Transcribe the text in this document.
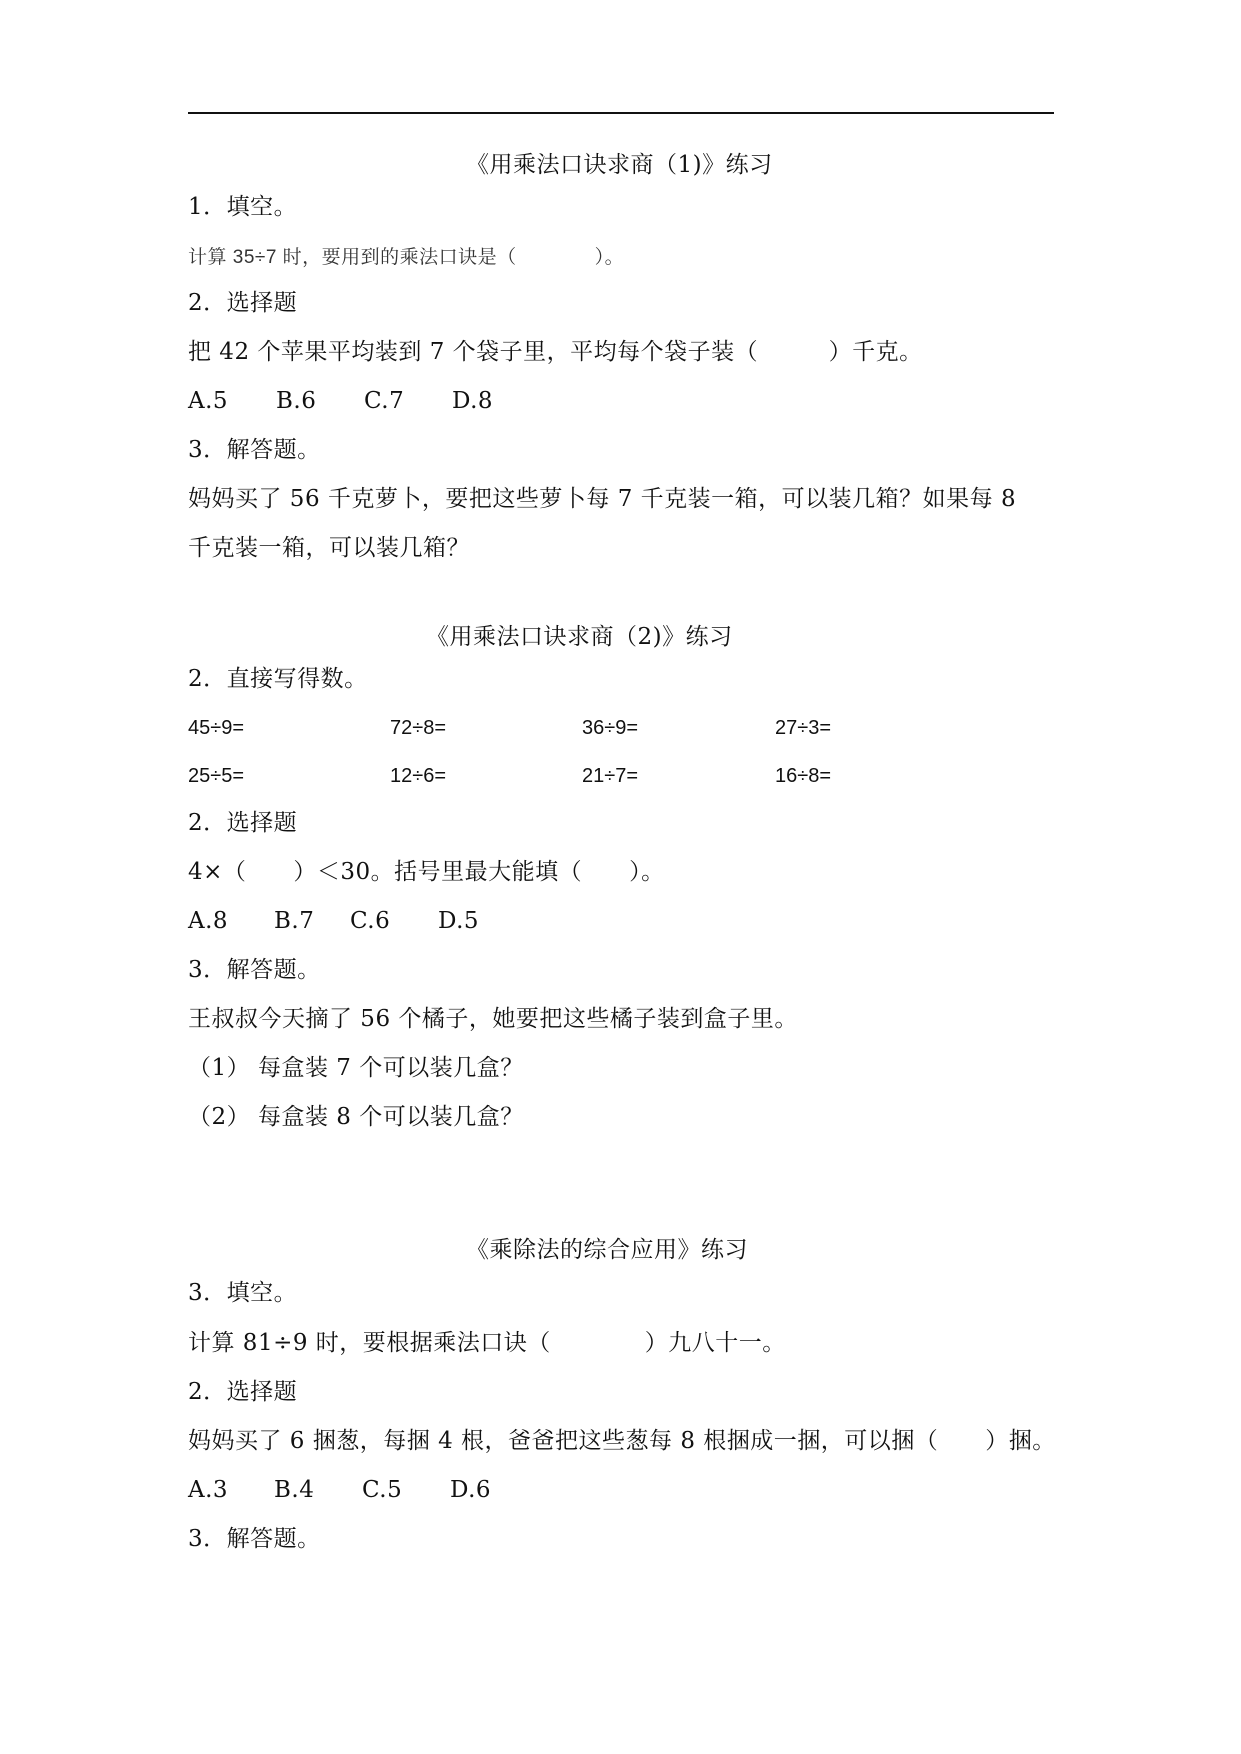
《用乘法口诀求商（1)》练习
1．填空。
计算 35÷7 时，要用到的乘法口诀是（　　　　）。
2．选择题
把 42 个苹果平均装到 7 个袋子里，平均每个袋子装（　　　）千克。
A.5 B.6 C.7 D.8
3．解答题。
妈妈买了 56 千克萝卜，要把这些萝卜每 7 千克装一箱，可以装几箱？如果每 8
千克装一箱，可以装几箱？
《用乘法口诀求商（2)》练习
2．直接写得数。
45÷9=	72÷8=	36÷9=	27÷3=
25÷5=	12÷6=	21÷7=	16÷8=
2．选择题
4×（　　）＜30。括号里最大能填（　　）。
A.8 B.7 C.6 D.5
3．解答题。
王叔叔今天摘了 56 个橘子，她要把这些橘子装到盒子里。
（1） 每盒装 7 个可以装几盒？
（2） 每盒装 8 个可以装几盒？
《乘除法的综合应用》练习
3．填空。
计算 81÷9 时，要根据乘法口诀（　　　　）九八十一。
2．选择题
妈妈买了 6 捆葱，每捆 4 根，爸爸把这些葱每 8 根捆成一捆，可以捆（　　）捆。
A.3 B.4 C.5 D.6
3．解答题。
